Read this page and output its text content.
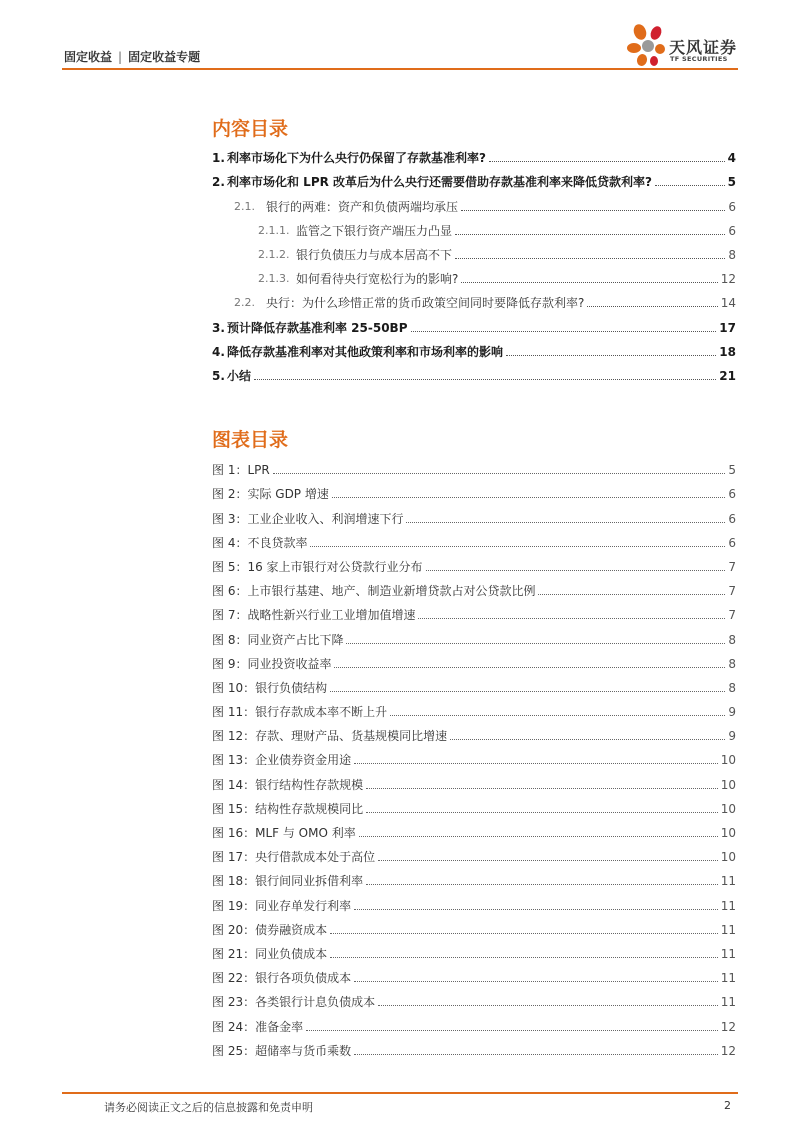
固定收益 | 固定收益专题	天风证券
TF SECURITIES
内容目录
1. 利率市场化下为什么央行仍保留了存款基准利率?	4
2. 利率市场化和 LPR 改革后为什么央行还需要借助存款基准利率来降低贷款利率?	5
2.1. 银行的两难：资产和负债两端均承压	6
2.1.1. 监管之下银行资产端压力凸显	6
2.1.2. 银行负债压力与成本居高不下	8
2.1.3. 如何看待央行宽松行为的影响?	12
2.2. 央行：为什么珍惜正常的货币政策空间同时要降低存款利率?	14
3. 预计降低存款基准利率 25-50BP	17
4. 降低存款基准利率对其他政策利率和市场利率的影响	18
5. 小结	21
图表目录
图 1：LPR	5
图 2：实际 GDP 增速	6
图 3：工业企业收入、利润增速下行	6
图 4：不良贷款率	6
图 5：16 家上市银行对公贷款行业分布	7
图 6：上市银行基建、地产、制造业新增贷款占对公贷款比例	7
图 7：战略性新兴行业工业增加值增速	7
图 8：同业资产占比下降	8
图 9：同业投资收益率	8
图 10：银行负债结构	8
图 11：银行存款成本率不断上升	9
图 12：存款、理财产品、货基规模同比增速	9
图 13：企业债券资金用途	10
图 14：银行结构性存款规模	10
图 15：结构性存款规模同比	10
图 16：MLF 与 OMO 利率	10
图 17：央行借款成本处于高位	10
图 18：银行间同业拆借利率	11
图 19：同业存单发行利率	11
图 20：债券融资成本	11
图 21：同业负债成本	11
图 22：银行各项负债成本	11
图 23：各类银行计息负债成本	11
图 24：准备金率	12
图 25：超储率与货币乘数	12
请务必阅读正文之后的信息披露和免责申明	2
